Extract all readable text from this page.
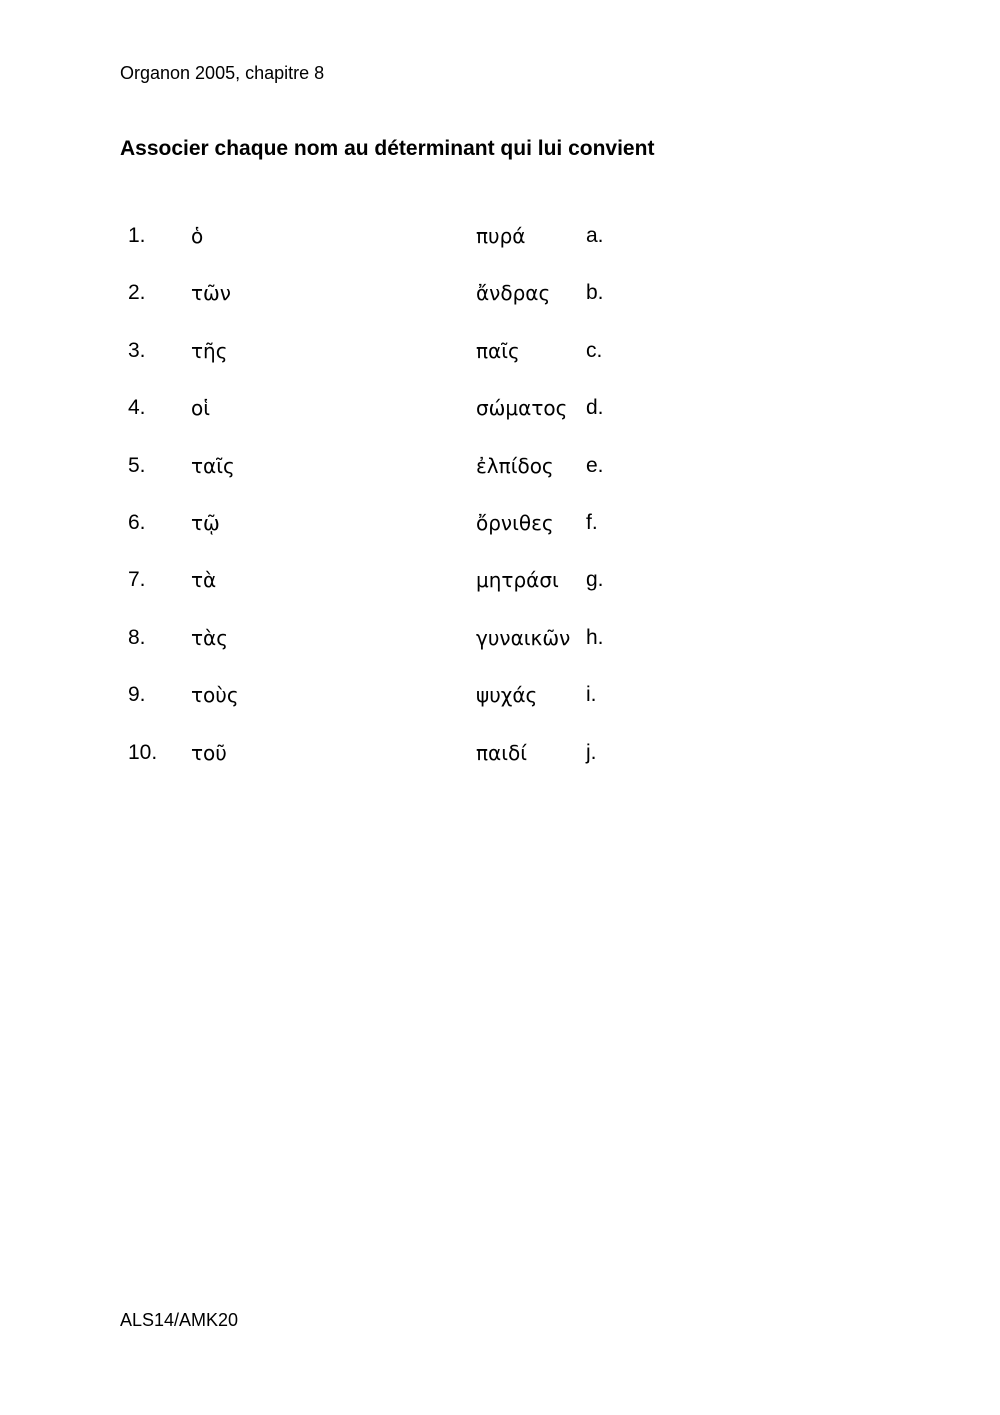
Organon 2005, chapitre 8
Associer chaque nom au déterminant qui lui convient
1. ὁ	πυρά	a.
2. τῶν	ἄνδρας b.
3. τῆς	παῖς	c.
4. οἱ	σώματος d.
5. ταῖς	ἐλπίδος e.
6. τῷ	ὄρνιθες f.
7. τὰ	μητράσι g.
8. τὰς	γυναικῶν h.
9. τοὺς	ψυχάς i.
10. τοῦ	παιδί	j.
ALS14/AMK20
